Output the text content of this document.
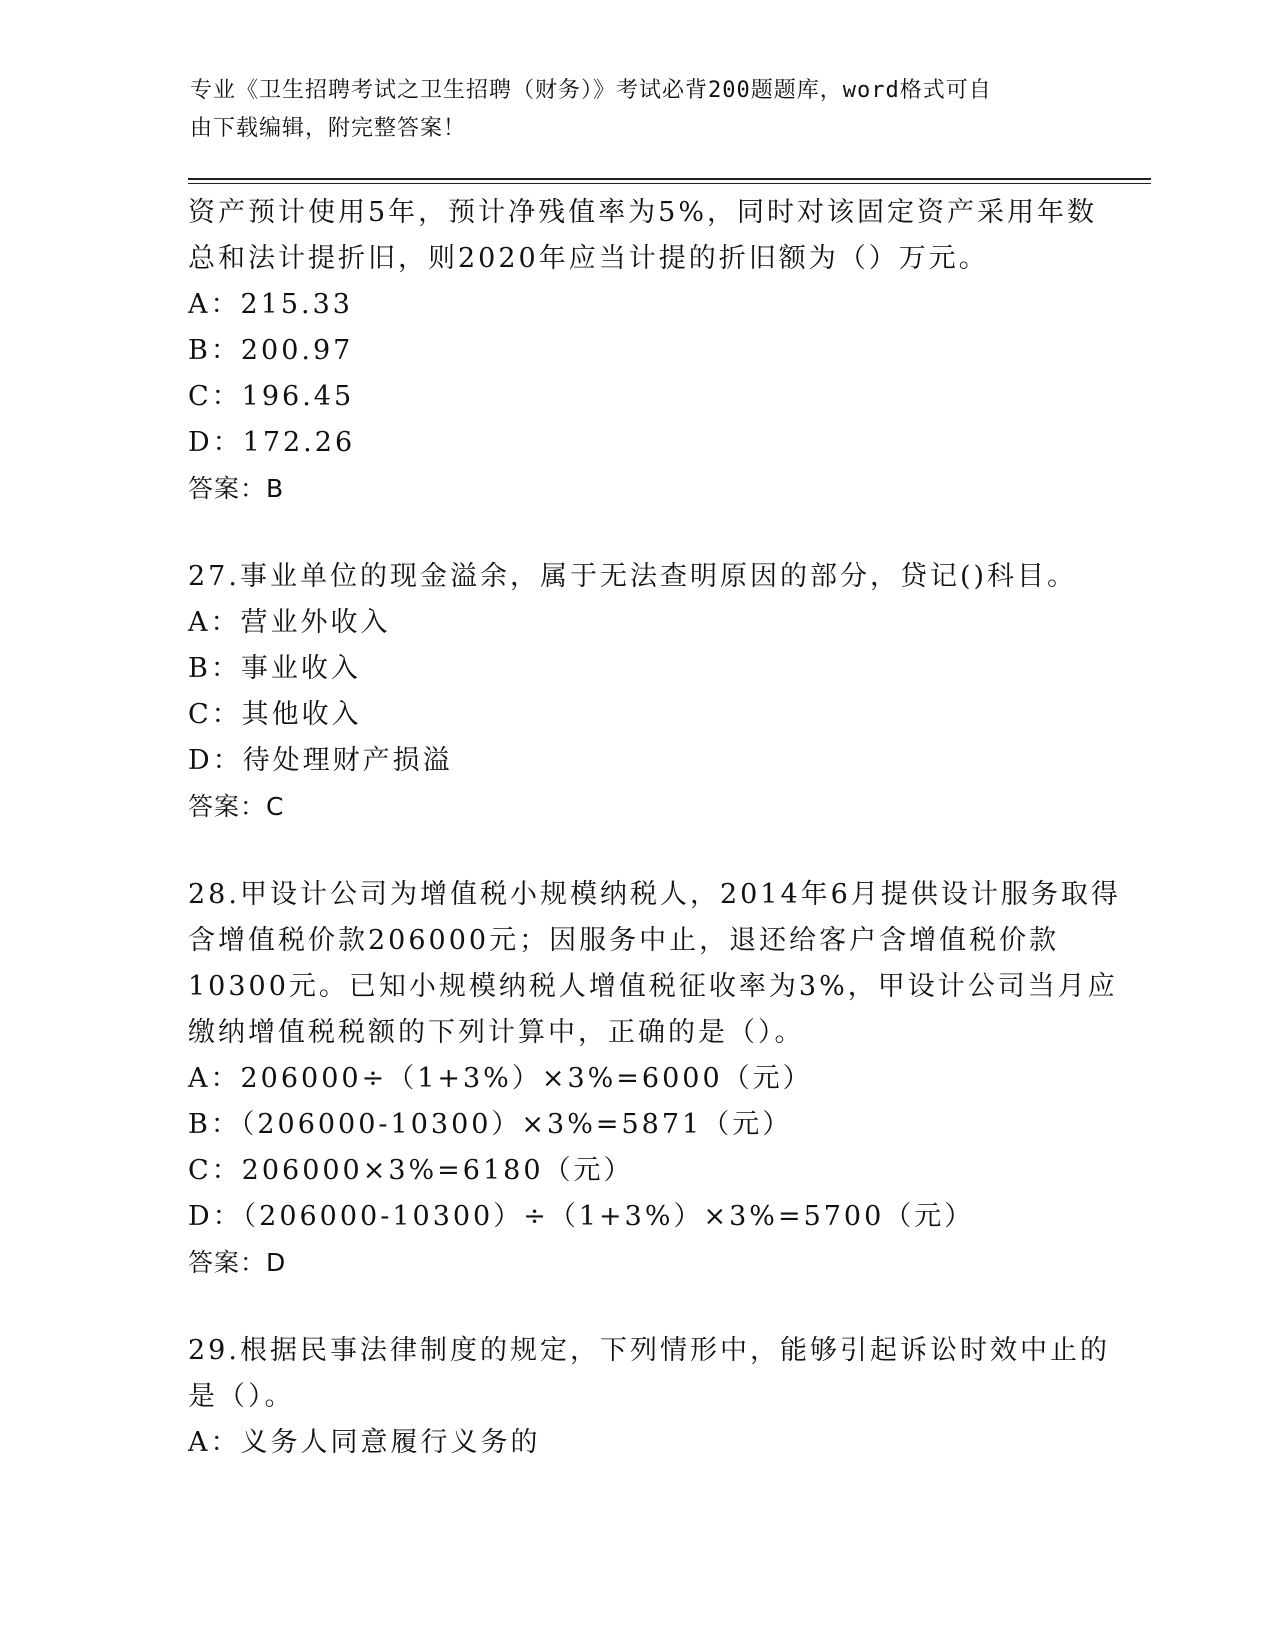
专业《卫生招聘考试之卫生招聘（财务）》考试必背200题题库，word格式可自
由下载编辑，附完整答案！
资产预计使用5年，预计净残值率为5%，同时对该固定资产采用年数
总和法计提折旧，则2020年应当计提的折旧额为（）万元。
A：215.33
B：200.97
C：196.45
D：172.26
答案：B
27.事业单位的现金溢余，属于无法查明原因的部分，贷记()科目。
A：营业外收入
B：事业收入
C：其他收入
D：待处理财产损溢
答案：C
28.甲设计公司为增值税小规模纳税人，2014年6月提供设计服务取得
含增值税价款206000元；因服务中止，退还给客户含增值税价款
10300元。已知小规模纳税人增值税征收率为3%，甲设计公司当月应
缴纳增值税税额的下列计算中，正确的是（）。
A：206000÷（1+3%）×3%=6000（元）
B：（206000-10300）×3%=5871（元）
C：206000×3%=6180（元）
D：（206000-10300）÷（1+3%）×3%=5700（元）
答案：D
29.根据民事法律制度的规定，下列情形中，能够引起诉讼时效中止的
是（）。
A：义务人同意履行义务的
